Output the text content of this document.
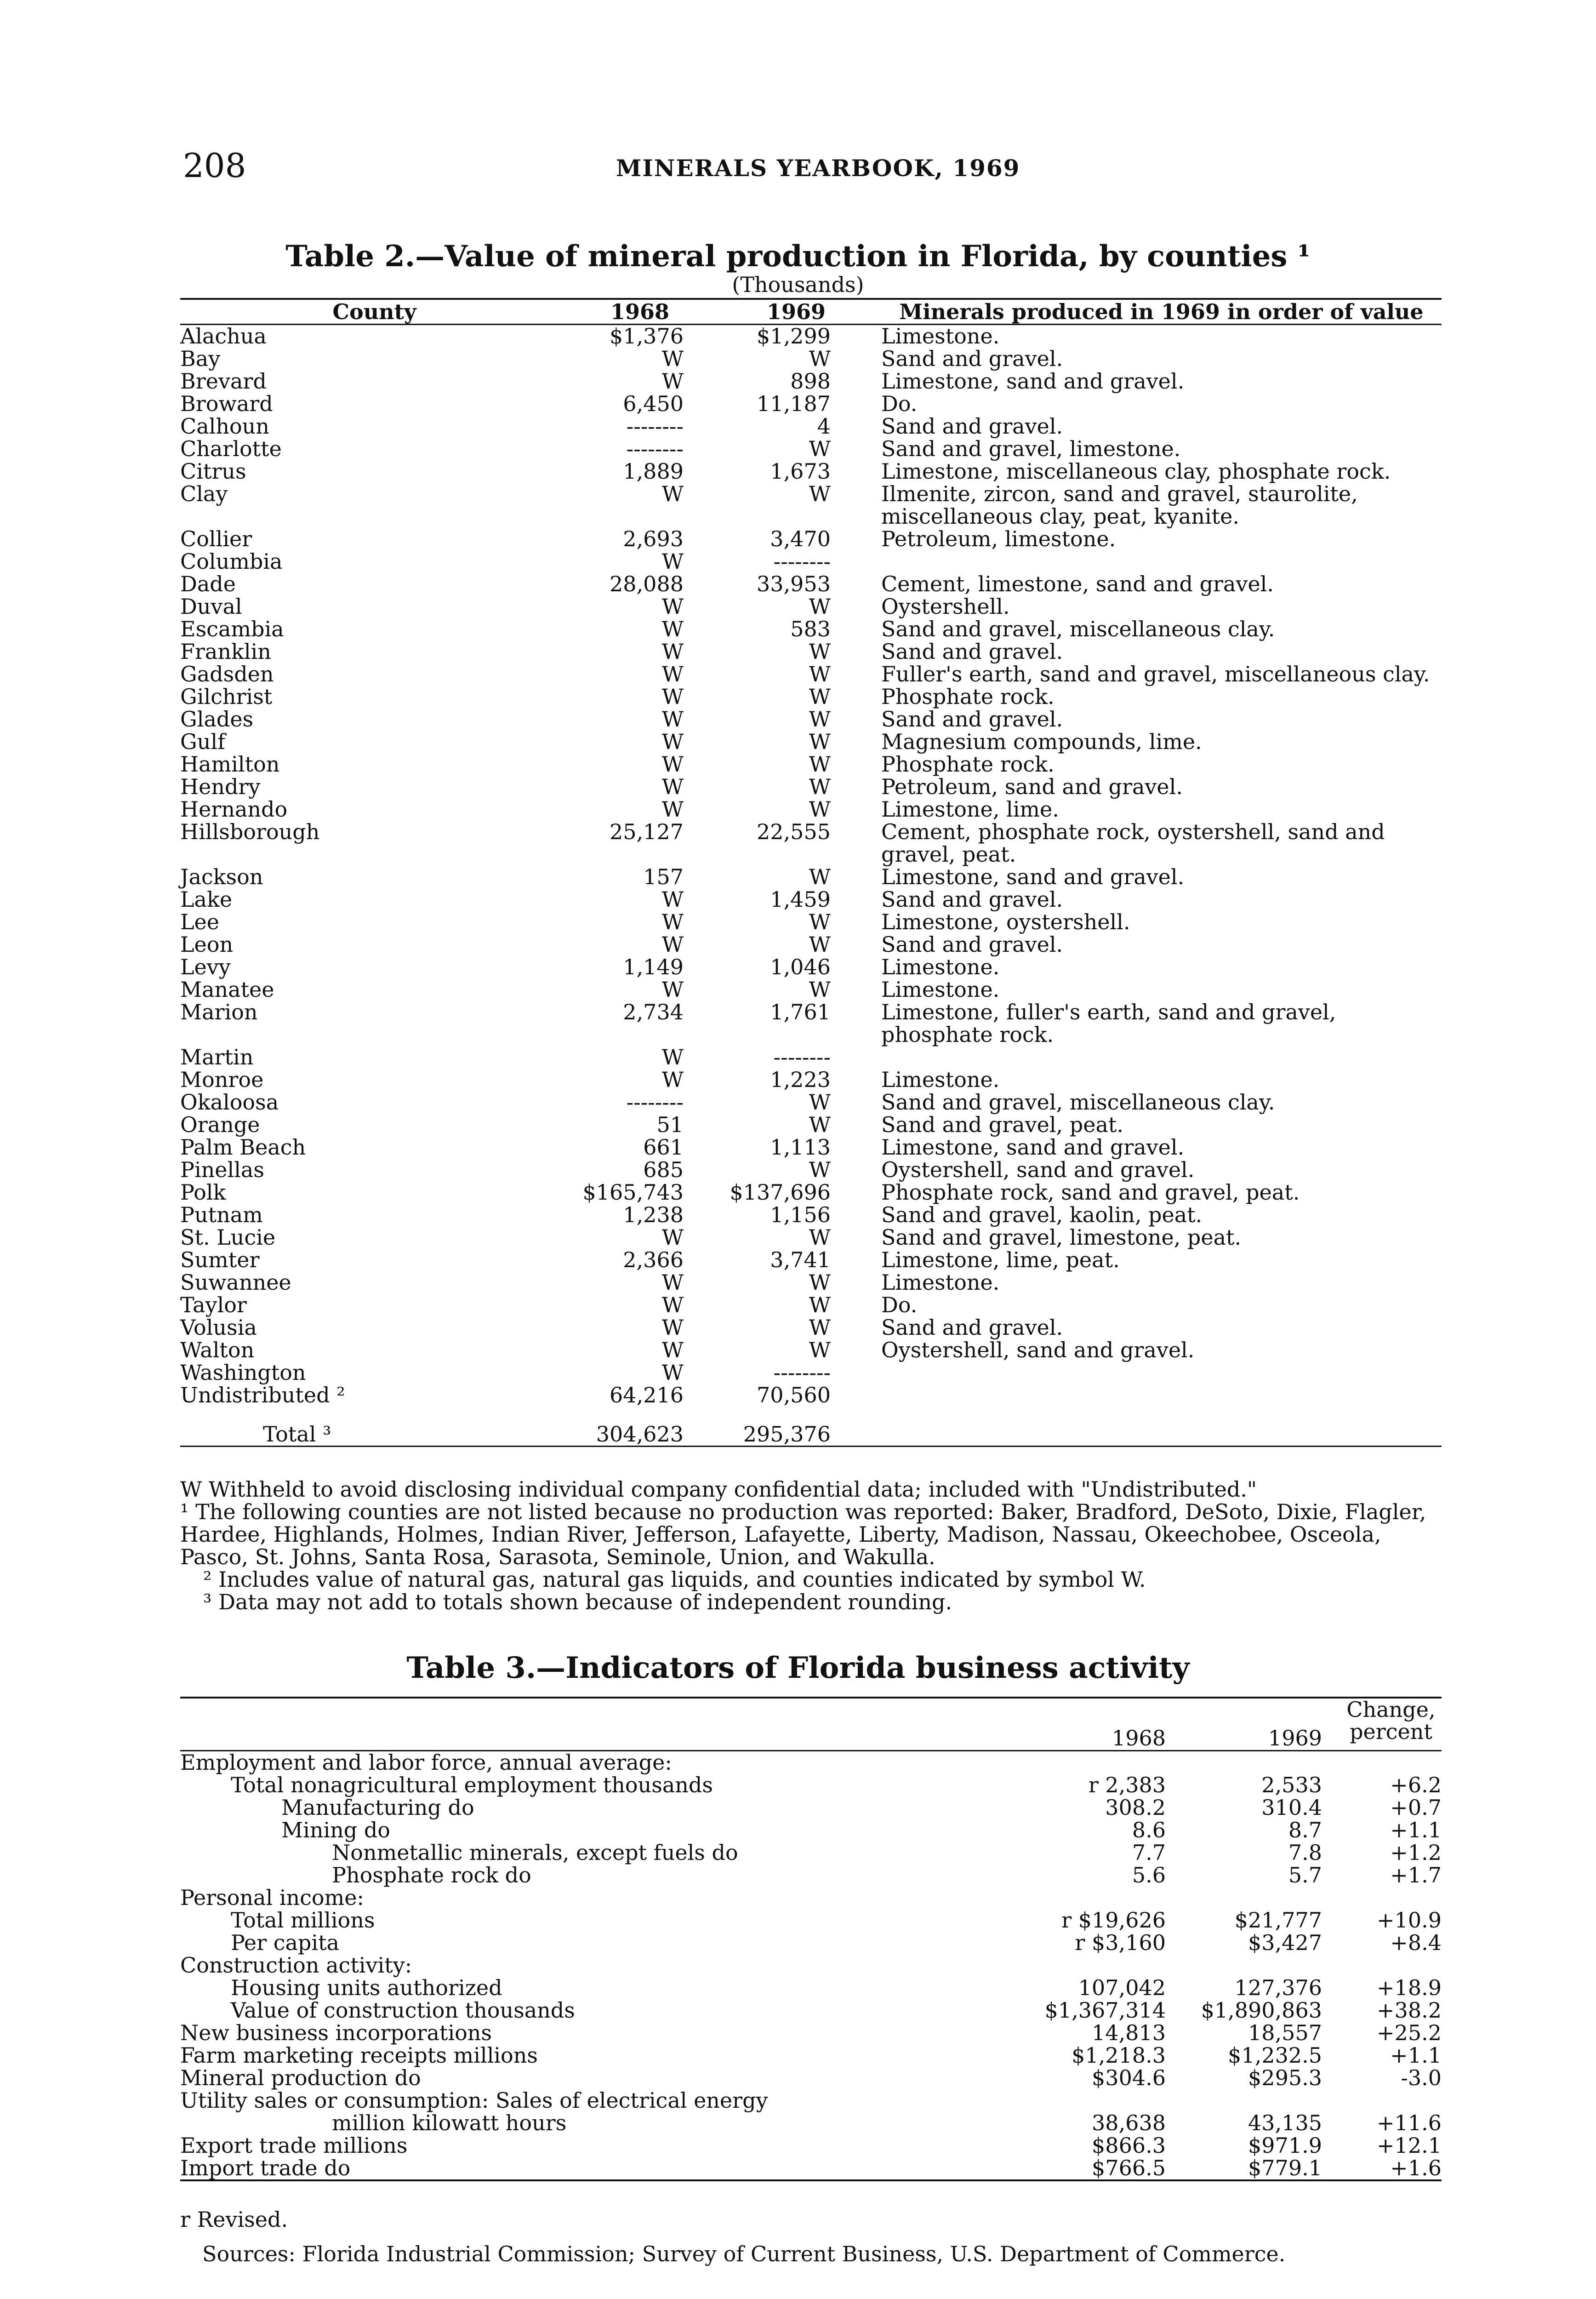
208	MINERALS YEARBOOK, 1969
Table 2.—Value of mineral production in Florida, by counties ¹
(Thousands)
County	1968	1969	Minerals produced in 1969 in order of value
Alachua	$1,376	$1,299	Limestone.
Bay	W	W	Sand and gravel.
Brevard	W	898	Limestone, sand and gravel.
Broward	6,450	11,187	Do.
Calhoun	--------	4	Sand and gravel.
Charlotte	--------	W	Sand and gravel, limestone.
Citrus	1,889	1,673	Limestone, miscellaneous clay, phosphate rock.
Clay	W	W	Ilmenite, zircon, sand and gravel, staurolite, miscellaneous clay, peat, kyanite.
Collier	2,693	3,470	Petroleum, limestone.
Columbia	W	--------	
Dade	28,088	33,953	Cement, limestone, sand and gravel.
Duval	W	W	Oystershell.
Escambia	W	583	Sand and gravel, miscellaneous clay.
Franklin	W	W	Sand and gravel.
Gadsden	W	W	Fuller's earth, sand and gravel, miscellaneous clay.
Gilchrist	W	W	Phosphate rock.
Glades	W	W	Sand and gravel.
Gulf	W	W	Magnesium compounds, lime.
Hamilton	W	W	Phosphate rock.
Hendry	W	W	Petroleum, sand and gravel.
Hernando	W	W	Limestone, lime.
Hillsborough	25,127	22,555	Cement, phosphate rock, oystershell, sand and gravel, peat.
Jackson	157	W	Limestone, sand and gravel.
Lake	W	1,459	Sand and gravel.
Lee	W	W	Limestone, oystershell.
Leon	W	W	Sand and gravel.
Levy	1,149	1,046	Limestone.
Manatee	W	W	Limestone.
Marion	2,734	1,761	Limestone, fuller's earth, sand and gravel, phosphate rock.
Martin	W	--------	
Monroe	W	1,223	Limestone.
Okaloosa	--------	W	Sand and gravel, miscellaneous clay.
Orange	51	W	Sand and gravel, peat.
Palm Beach	661	1,113	Limestone, sand and gravel.
Pinellas	685	W	Oystershell, sand and gravel.
Polk	$165,743	$137,696	Phosphate rock, sand and gravel, peat.
Putnam	1,238	1,156	Sand and gravel, kaolin, peat.
St. Lucie	W	W	Sand and gravel, limestone, peat.
Sumter	2,366	3,741	Limestone, lime, peat.
Suwannee	W	W	Limestone.
Taylor	W	W	Do.
Volusia	W	W	Sand and gravel.
Walton	W	W	Oystershell, sand and gravel.
Washington	W	--------	
Undistributed ²	64,216	70,560	
Total ³	304,623	295,376	

W Withheld to avoid disclosing individual company confidential data; included with "Undistributed."

¹ The following counties are not listed because no production was reported: Baker, Bradford, DeSoto, Dixie, Flagler, Hardee, Highlands, Holmes, Indian River, Jefferson, Lafayette, Liberty, Madison, Nassau, Okeechobee, Osceola, Pasco, St. Johns, Santa Rosa, Sarasota, Seminole, Union, and Wakulla.

² Includes value of natural gas, natural gas liquids, and counties indicated by symbol W.

³ Data may not add to totals shown because of independent rounding.

Table 3.—Indicators of Florida business activity
	1968	1969	Change, percent
Employment and labor force, annual average:			
Total nonagricultural employment thousands	r 2,383	2,533	+6.2
Manufacturing do	308.2	310.4	+0.7
Mining do	8.6	8.7	+1.1
Nonmetallic minerals, except fuels do	7.7	7.8	+1.2
Phosphate rock do	5.6	5.7	+1.7
Personal income:			
Total millions	r $19,626	$21,777	+10.9
Per capita	r $3,160	$3,427	+8.4
Construction activity:			
Housing units authorized	107,042	127,376	+18.9
Value of construction thousands	$1,367,314	$1,890,863	+38.2
New business incorporations	14,813	18,557	+25.2
Farm marketing receipts millions	$1,218.3	$1,232.5	+1.1
Mineral production do	$304.6	$295.3	-3.0
Utility sales or consumption: Sales of electrical energy			
million kilowatt hours	38,638	43,135	+11.6
Export trade millions	$866.3	$971.9	+12.1
Import trade do	$766.5	$779.1	+1.6
r Revised.
Sources: Florida Industrial Commission; Survey of Current Business, U.S. Department of Commerce.
